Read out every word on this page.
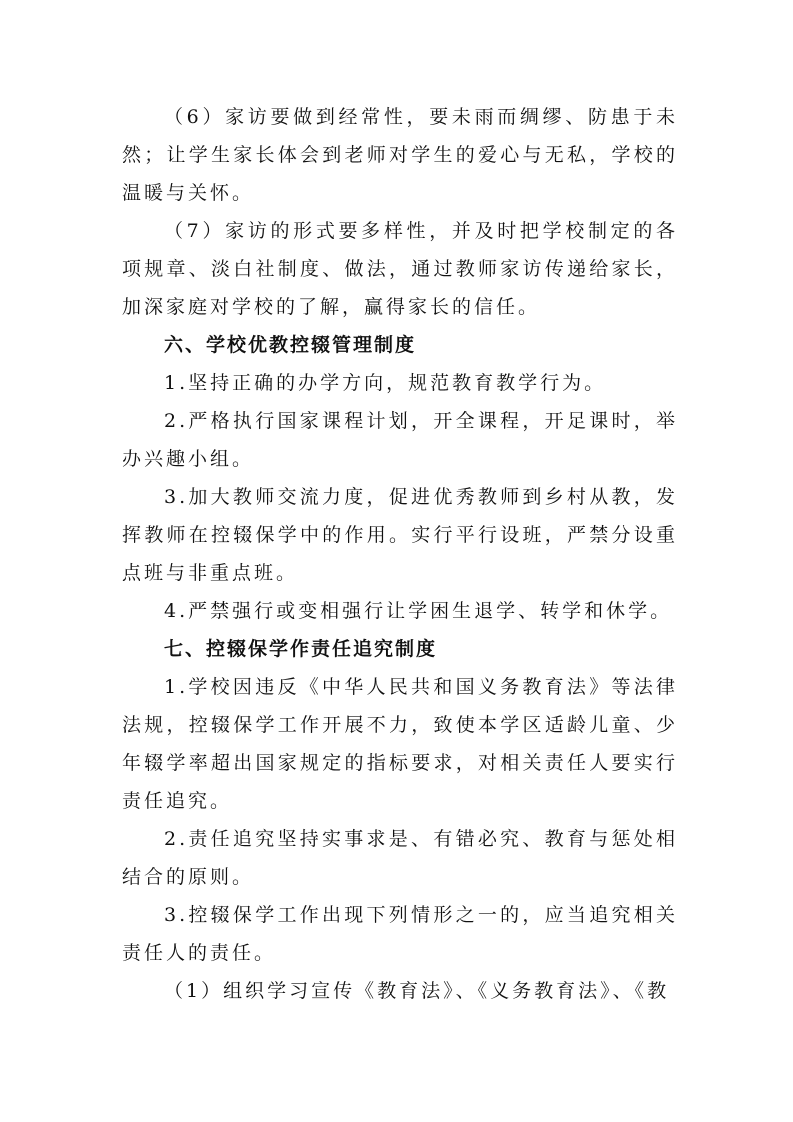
（6）家访要做到经常性，要未雨而绸缪、防患于未然；让学生家长体会到老师对学生的爱心与无私，学校的温暖与关怀。

（7）家访的形式要多样性，并及时把学校制定的各项规章、淡白社制度、做法，通过教师家访传递给家长，加深家庭对学校的了解，赢得家长的信任。

六、学校优教控辍管理制度

1.坚持正确的办学方向，规范教育教学行为。

2.严格执行国家课程计划，开全课程，开足课时，举办兴趣小组。

3.加大教师交流力度，促进优秀教师到乡村从教，发挥教师在控辍保学中的作用。实行平行设班，严禁分设重点班与非重点班。

4.严禁强行或变相强行让学困生退学、转学和休学。

七、控辍保学作责任追究制度

1.学校因违反《中华人民共和国义务教育法》等法律法规，控辍保学工作开展不力，致使本学区适龄儿童、少年辍学率超出国家规定的指标要求，对相关责任人要实行责任追究。

2.责任追究坚持实事求是、有错必究、教育与惩处相结合的原则。

3.控辍保学工作出现下列情形之一的，应当追究相关责任人的责任。

（1）组织学习宣传《教育法》、《义务教育法》、《教
